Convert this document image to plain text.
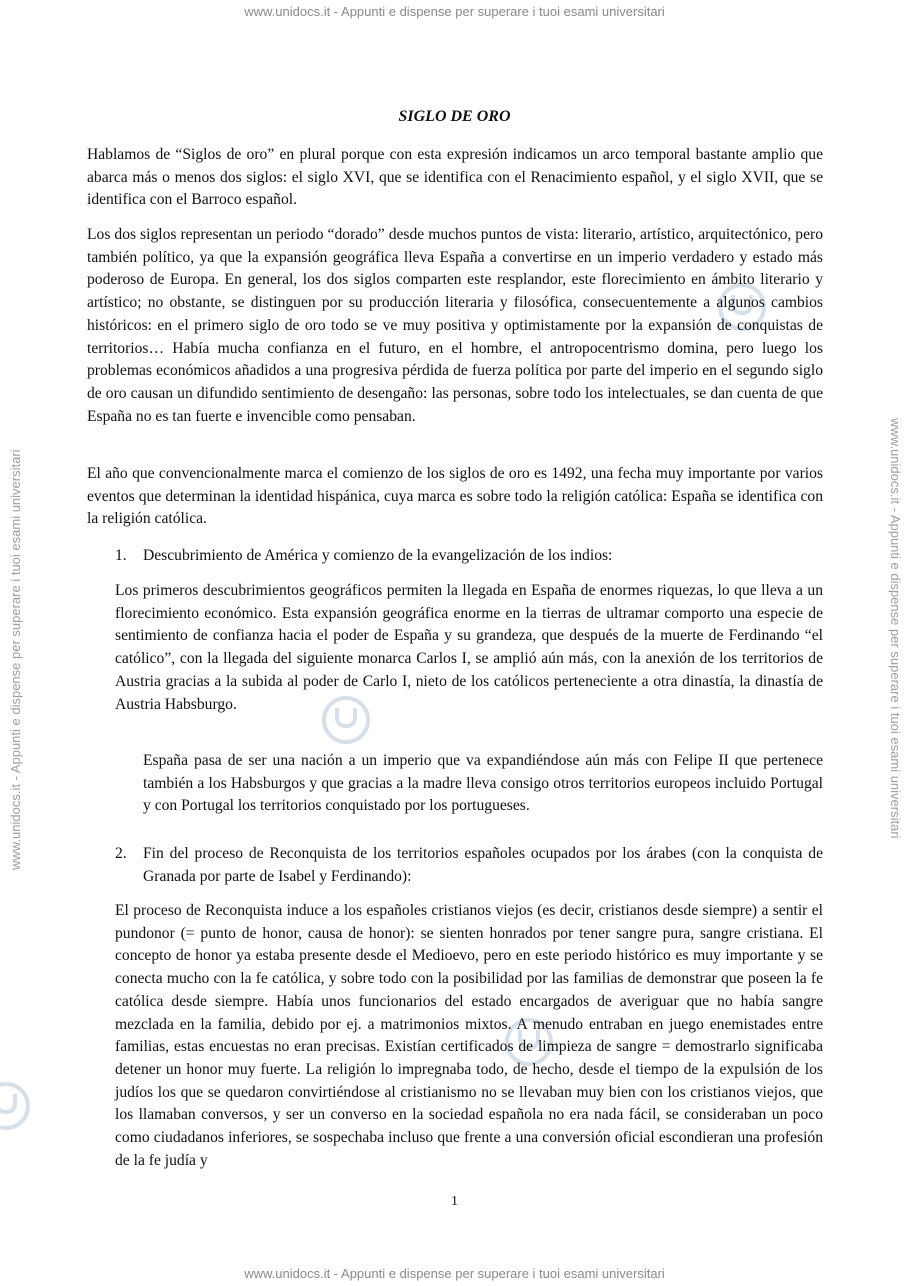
www.unidocs.it - Appunti e dispense per superare i tuoi esami universitari
www.unidocs.it - Appunti e dispense per superare i tuoi esami universitari	www.unidocs.it - Appunti e dispense per superare i tuoi esami universitari
SIGLO DE ORO
Hablamos de “Siglos de oro” en plural porque con esta expresión indicamos un arco temporal bastante amplio que abarca más o menos dos siglos: el siglo XVI, que se identifica con el Renacimiento español, y el siglo XVII, que se identifica con el Barroco español.
Los dos siglos representan un periodo “dorado” desde muchos puntos de vista: literario, artístico, arquitectónico, pero también político, ya que la expansión geográfica lleva España a convertirse en un imperio verdadero y estado más poderoso de Europa. En general, los dos siglos comparten este resplandor, este florecimiento en ámbito literario y artístico; no obstante, se distinguen por su producción literaria y filosófica, consecuentemente a algunos cambios históricos: en el primero siglo de oro todo se ve muy positiva y optimistamente por la expansión de conquistas de territorios… Había mucha confianza en el futuro, en el hombre, el antropocentrismo domina, pero luego los problemas económicos añadidos a una progresiva pérdida de fuerza política por parte del imperio en el segundo siglo de oro causan un difundido sentimiento de desengaño: las personas, sobre todo los intelectuales, se dan cuenta de que España no es tan fuerte e invencible como pensaban.
El año que convencionalmente marca el comienzo de los siglos de oro es 1492, una fecha muy importante por varios eventos que determinan la identidad hispánica, cuya marca es sobre todo la religión católica: España se identifica con la religión católica.
1. Descubrimiento de América y comienzo de la evangelización de los indios:
Los primeros descubrimientos geográficos permiten la llegada en España de enormes riquezas, lo que lleva a un florecimiento económico. Esta expansión geográfica enorme en la tierras de ultramar comporto una especie de sentimiento de confianza hacia el poder de España y su grandeza, que después de la muerte de Ferdinando “el católico”, con la llegada del siguiente monarca Carlos I, se amplió aún más, con la anexión de los territorios de Austria gracias a la subida al poder de Carlo I, nieto de los católicos perteneciente a otra dinastía, la dinastía de Austria Habsburgo.
España pasa de ser una nación a un imperio que va expandiéndose aún más con Felipe II que pertenece también a los Habsburgos y que gracias a la madre lleva consigo otros territorios europeos incluido Portugal y con Portugal los territorios conquistado por los portugueses.
2. Fin del proceso de Reconquista de los territorios españoles ocupados por los árabes (con la conquista de Granada por parte de Isabel y Ferdinando):
El proceso de Reconquista induce a los españoles cristianos viejos (es decir, cristianos desde siempre) a sentir el pundonor (= punto de honor, causa de honor): se sienten honrados por tener sangre pura, sangre cristiana. El concepto de honor ya estaba presente desde el Medioevo, pero en este periodo histórico es muy importante y se conecta mucho con la fe católica, y sobre todo con la posibilidad por las familias de demonstrar que poseen la fe católica desde siempre. Había unos funcionarios del estado encargados de averiguar que no había sangre mezclada en la familia, debido por ej. a matrimonios mixtos. A menudo entraban en juego enemistades entre familias, estas encuestas no eran precisas. Existían certificados de limpieza de sangre = demostrarlo significaba detener un honor muy fuerte. La religión lo impregnaba todo, de hecho, desde el tiempo de la expulsión de los judíos los que se quedaron convirtiéndose al cristianismo no se llevaban muy bien con los cristianos viejos, que los llamaban conversos, y ser un converso en la sociedad española no era nada fácil, se consideraban un poco como ciudadanos inferiores, se sospechaba incluso que frente a una conversión oficial escondieran una profesión de la fe judía y
1
www.unidocs.it - Appunti e dispense per superare i tuoi esami universitari
